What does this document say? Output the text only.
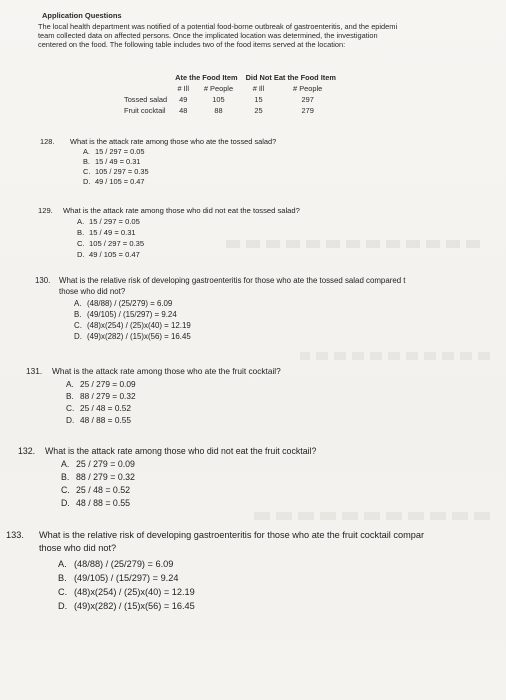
Application Questions
The local health department was notified of a potential food-borne outbreak of gastroenteritis, and the epidemi
team collected data on affected persons. Once the implicated location was determined, the investigation
centered on the food. The following table includes two of the food items served at the location:
	Ate the Food Item		Did Not Eat the Food Item	
	# Ill	# People	# Ill	# People
Tossed salad	49	105	15	297
Fruit cocktail	48	88	25	279
128. What is the attack rate among those who ate the tossed salad?
A. 15 / 297 = 0.05
B. 15 / 49 = 0.31
C. 105 / 297 = 0.35
D. 49 / 105 = 0.47
129. What is the attack rate among those who did not eat the tossed salad?
A. 15 / 297 = 0.05
B. 15 / 49 = 0.31
C. 105 / 297 = 0.35
D. 49 / 105 = 0.47
130. What is the relative risk of developing gastroenteritis for those who ate the tossed salad compared t
those who did not?
A. (48/88) / (25/279) = 6.09
B. (49/105) / (15/297) = 9.24
C. (48)x(254) / (25)x(40) = 12.19
D. (49)x(282) / (15)x(56) = 16.45
131. What is the attack rate among those who ate the fruit cocktail?
A. 25 / 279 = 0.09
B. 88 / 279 = 0.32
C. 25 / 48 = 0.52
D. 48 / 88 = 0.55
132. What is the attack rate among those who did not eat the fruit cocktail?
A. 25 / 279 = 0.09
B. 88 / 279 = 0.32
C. 25 / 48 = 0.52
D. 48 / 88 = 0.55
133. What is the relative risk of developing gastroenteritis for those who ate the fruit cocktail compar
those who did not?
A. (48/88) / (25/279) = 6.09
B. (49/105) / (15/297) = 9.24
C. (48)x(254) / (25)x(40) = 12.19
D. (49)x(282) / (15)x(56) = 16.45
